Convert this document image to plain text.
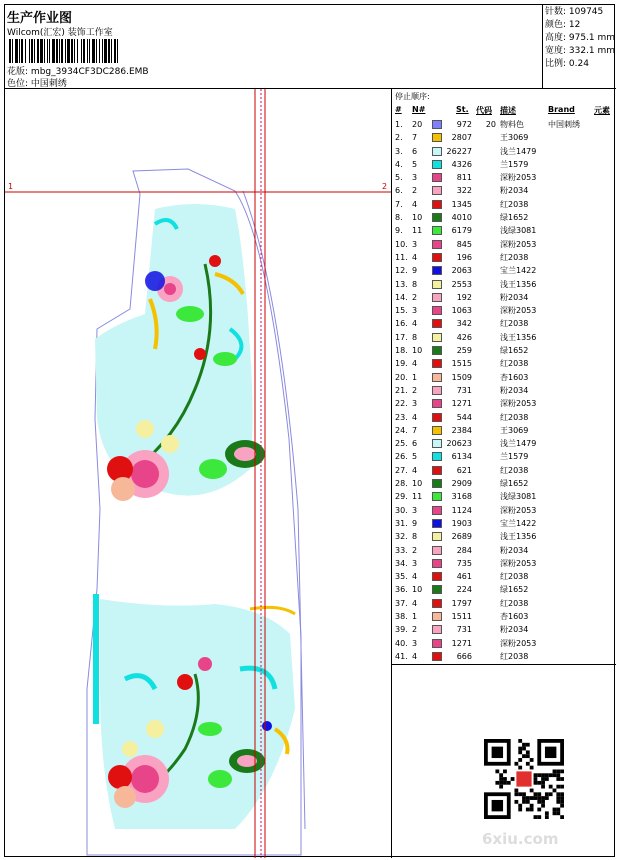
生产作业图
Wilcom(汇宏) 装饰工作室
花版: mbg_3934CF3DC286.EMB
色位: 中国刺绣
针数: 109745
颜色: 12
高度: 975.1 mm
宽度: 332.1 mm
比例: 0.24
1	2
停止顺序:
# N#	St. 代码 描述	Brand 元素
1. 20	972	20 物料色	中国刺绣
2. 7	2807	王3069
3. 6	26227	浅兰1479
4. 5	4326	兰1579
5. 3	811	深粉2053
6. 2	322	粉2034
7. 4	1345	红2038
8. 10	4010	绿1652
9. 11	6179	浅绿3081
10. 3	845	深粉2053
11. 4	196	红2038
12. 9	2063	宝兰1422
13. 8	2553	浅王1356
14. 2	192	粉2034
15. 3	1063	深粉2053
16. 4	342	红2038
17. 8	426	浅王1356
18. 10	259	绿1652
19. 4	1515	红2038
20. 1	1509	杏1603
21. 2	731	粉2034
22. 3	1271	深粉2053
23. 4	544	红2038
24. 7	2384	王3069
25. 6	20623	浅兰1479
26. 5	6134	兰1579
27. 4	621	红2038
28. 10	2909	绿1652
29. 11	3168	浅绿3081
30. 3	1124	深粉2053
31. 9	1903	宝兰1422
32. 8	2689	浅王1356
33. 2	284	粉2034
34. 3	735	深粉2053
35. 4	461	红2038
36. 10	224	绿1652
37. 4	1797	红2038
38. 1	1511	杏1603
39. 2	731	粉2034
40. 3	1271	深粉2053
41. 4	666	红2038
6xiu.com
